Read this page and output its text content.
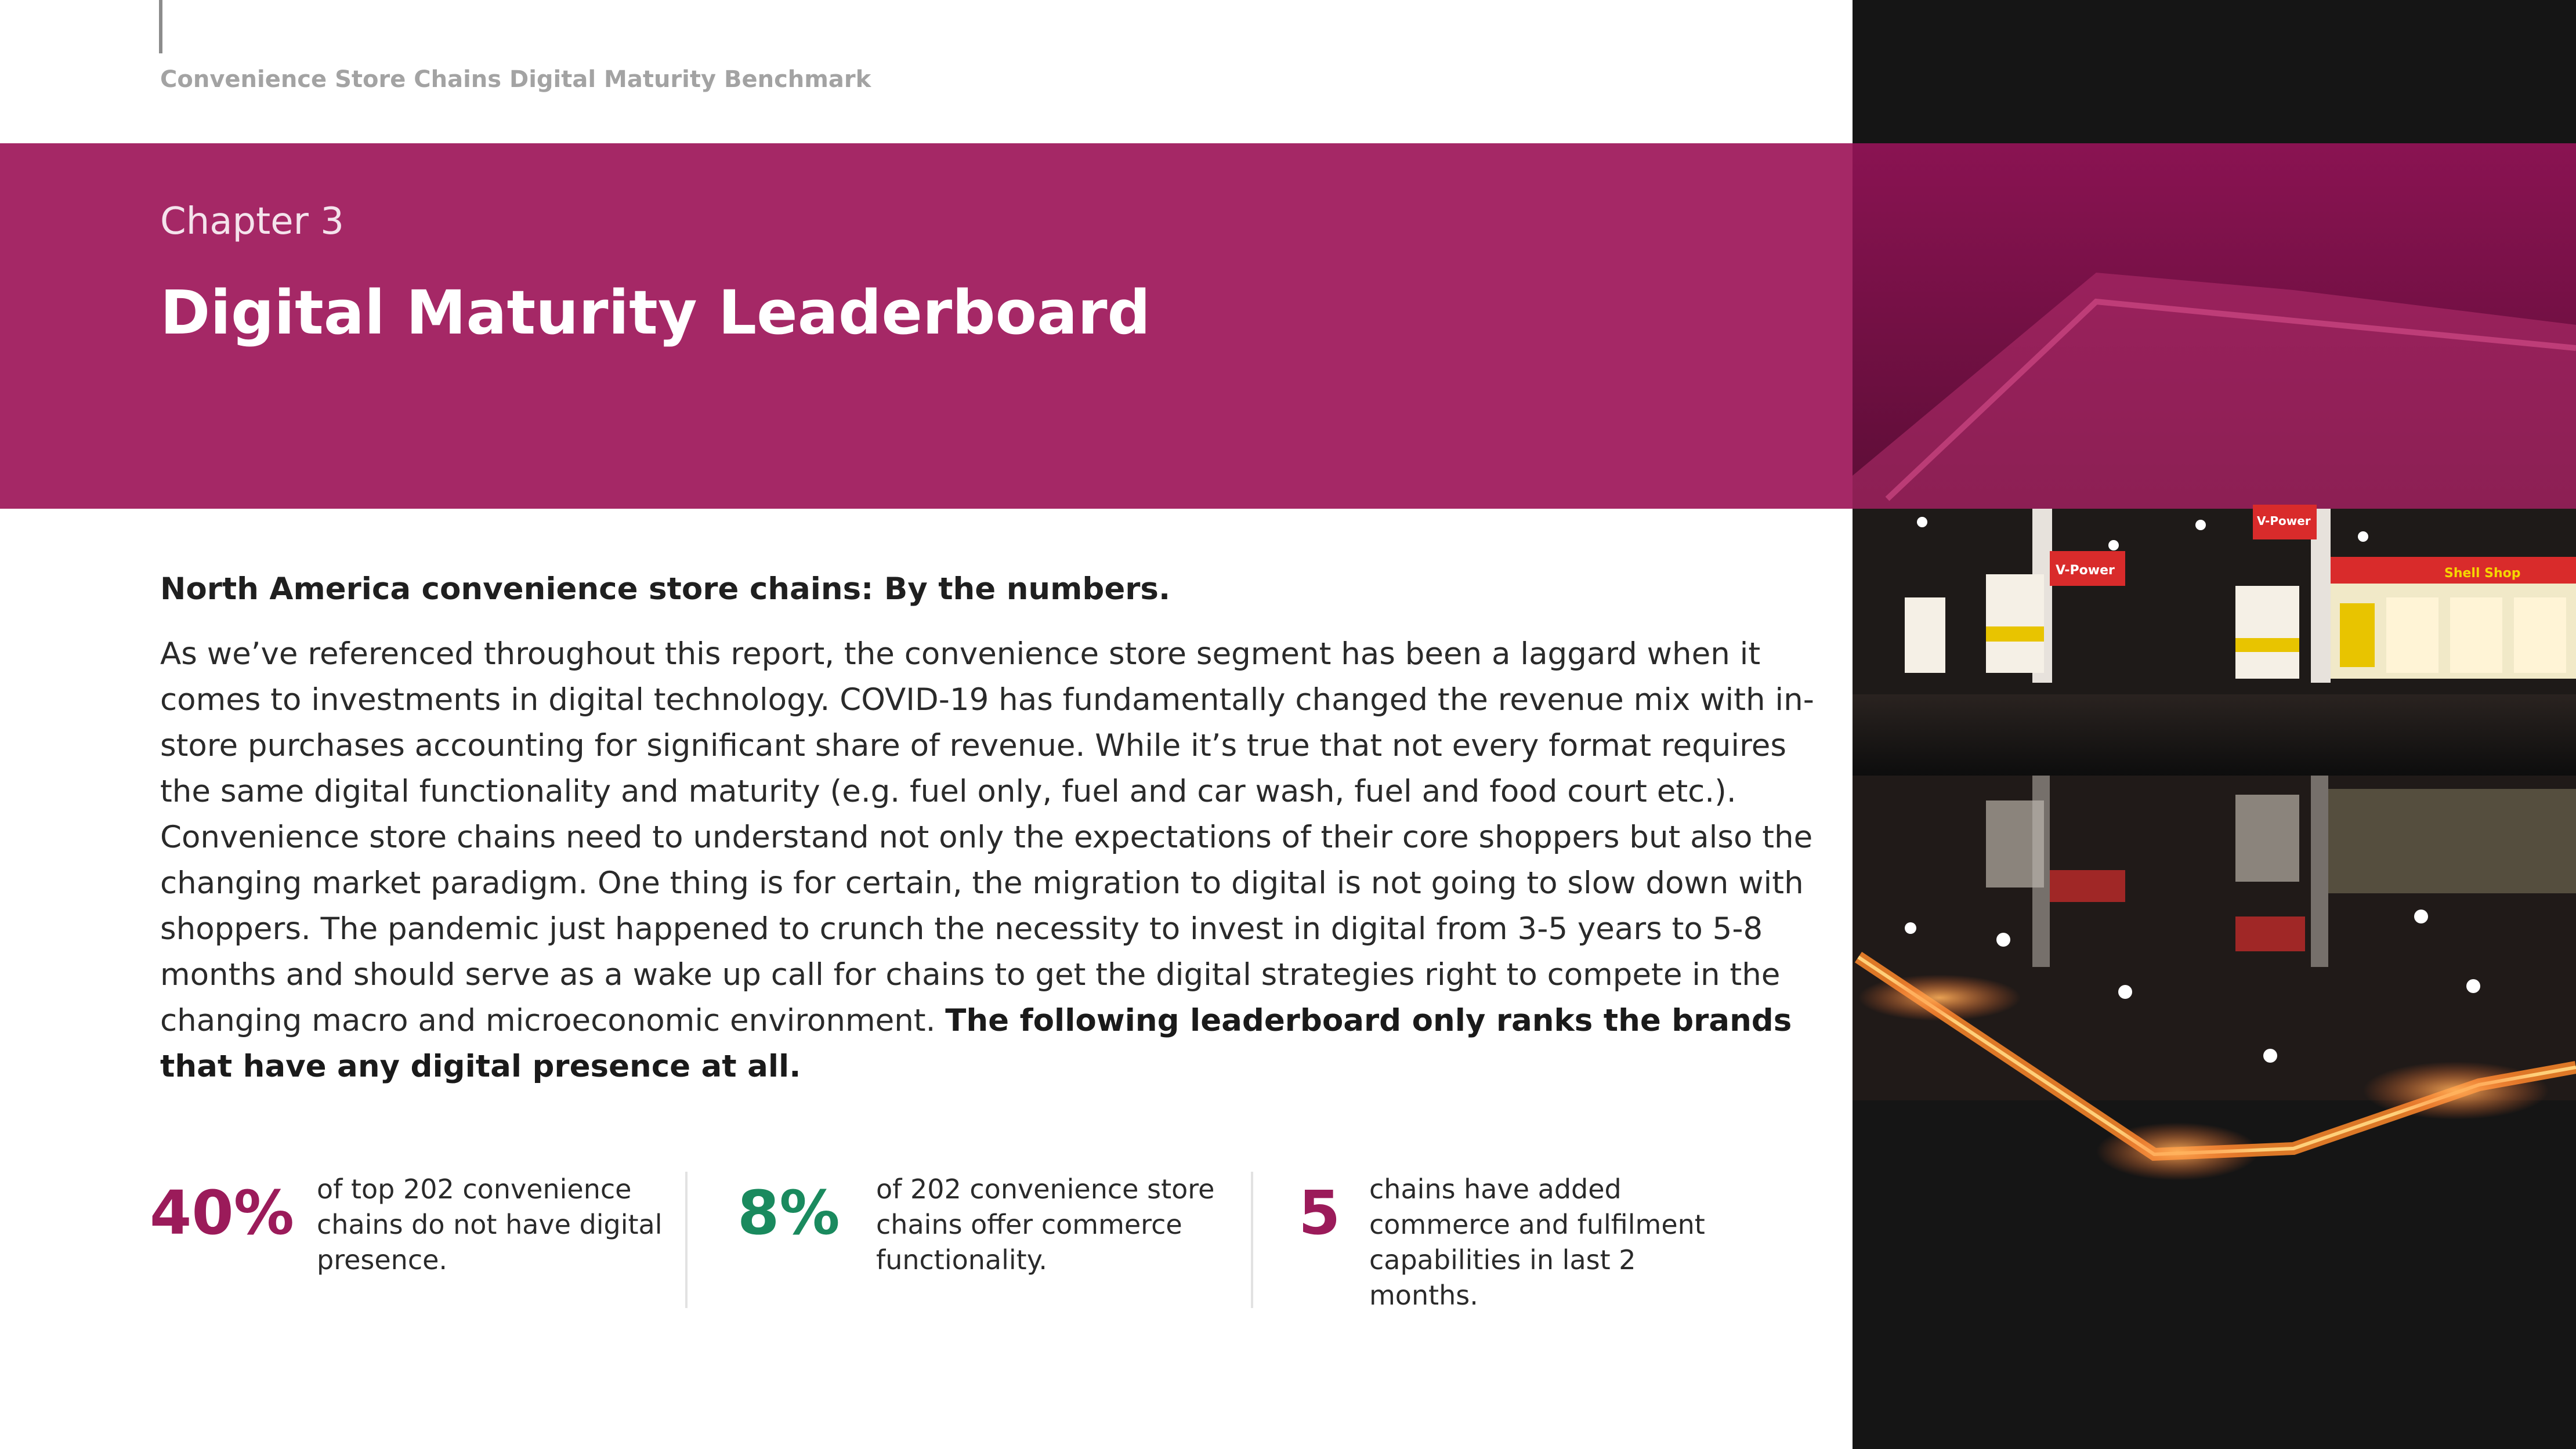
Convenience Store Chains Digital Maturity Benchmark
Chapter 3
Digital Maturity Leaderboard
Shell Shop
V-Power
V-Power

North America convenience store chains: By the numbers.

As we’ve referenced throughout this report, the convenience store segment has been a laggard when it comes to investments in digital technology. COVID-19 has fundamentally changed the revenue mix with in-store purchases accounting for significant share of revenue. While it’s true that not every format requires the same digital functionality and maturity (e.g. fuel only, fuel and car wash, fuel and food court etc.). Convenience store chains need to understand not only the expectations of their core shoppers but also the changing market paradigm. One thing is for certain, the migration to digital is not going to slow down with shoppers. The pandemic just happened to crunch the necessity to invest in digital from 3-5 years to 5-8 months and should serve as a wake up call for chains to get the digital strategies right to compete in the changing macro and microeconomic environment. The following leaderboard only ranks the brands that have any digital presence at all.

40% of top 202 convenience chains do not have digital presence.
8% of 202 convenience store chains offer commerce functionality.
5 chains have added commerce and fulfilment capabilities in last 2 months.
